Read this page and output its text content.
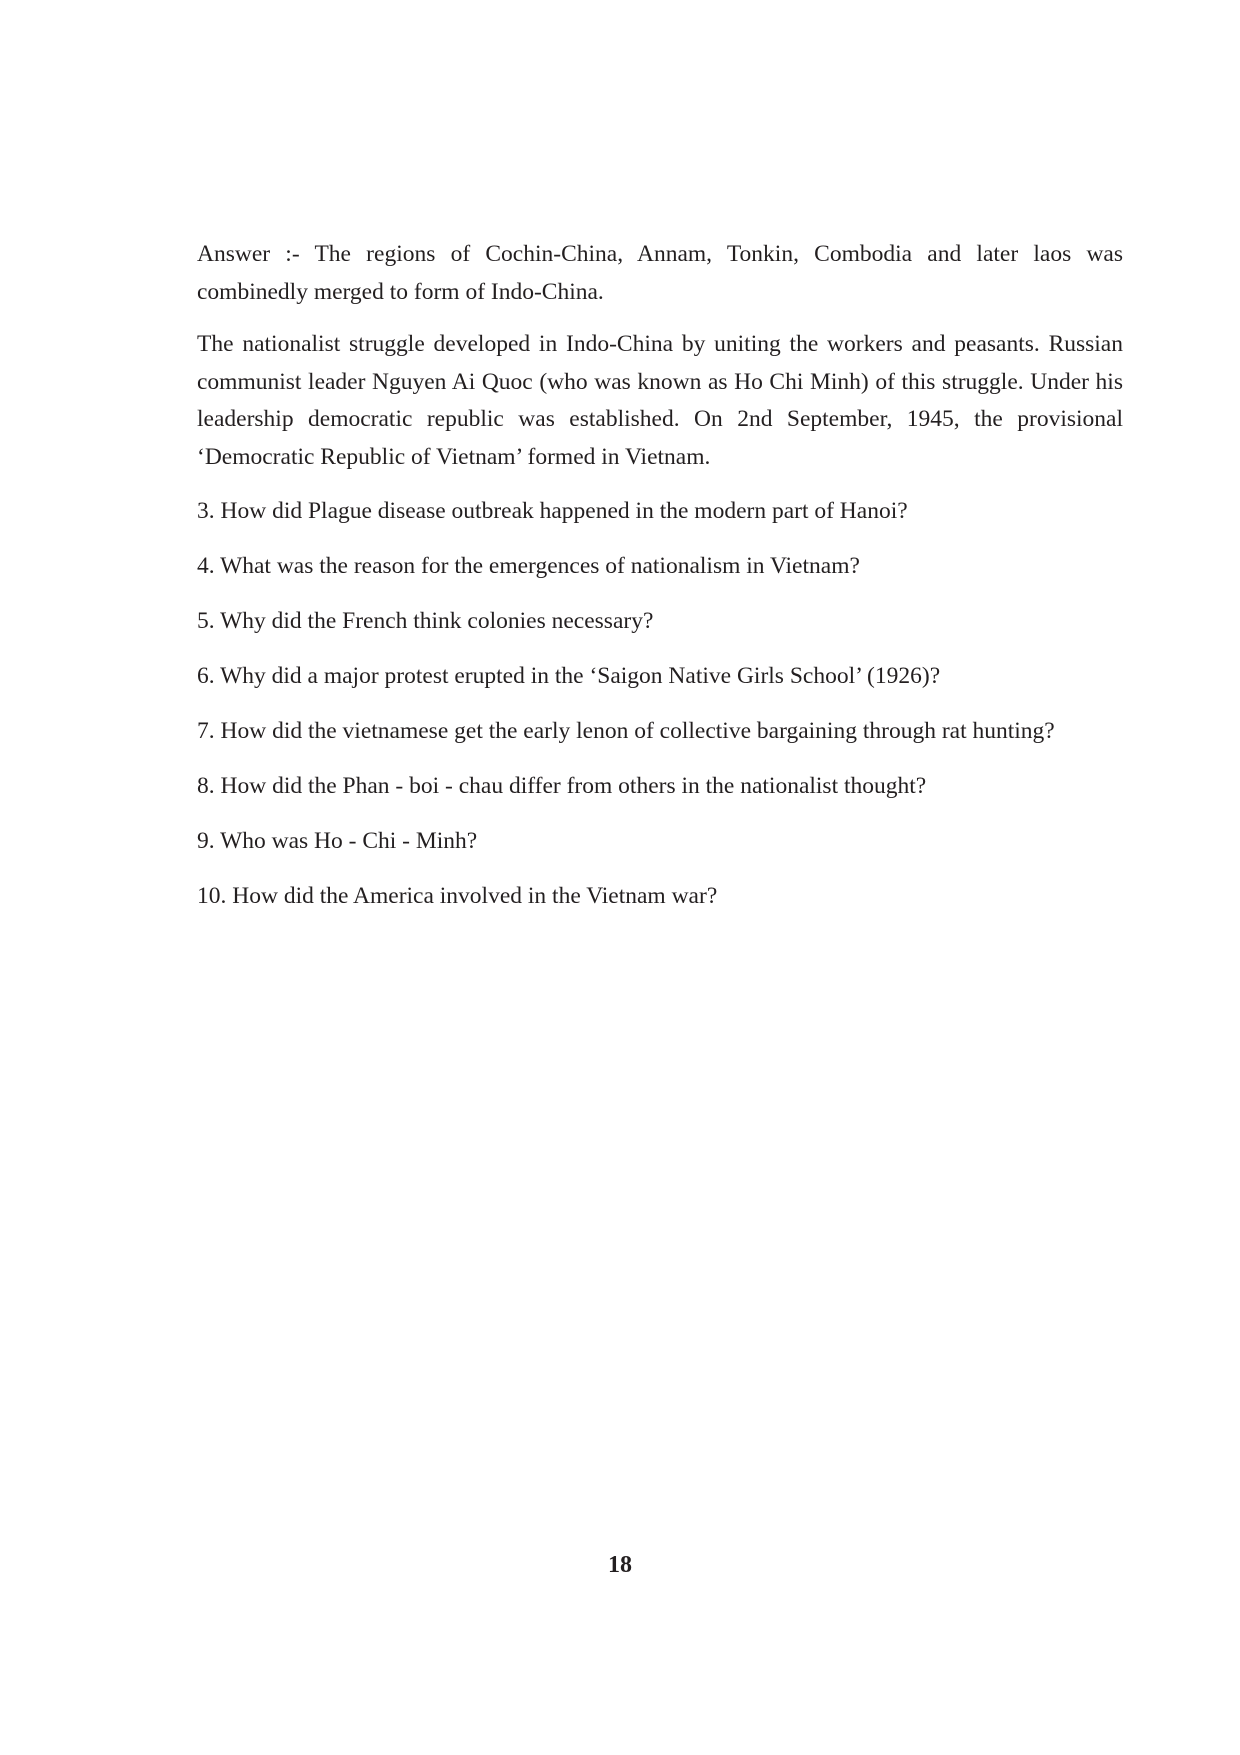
Answer :- The regions of Cochin-China, Annam, Tonkin, Combodia and later laos was combinedly merged to form of Indo-China.

The nationalist struggle developed in Indo-China by uniting the workers and peasants. Russian communist leader Nguyen Ai Quoc (who was known as Ho Chi Minh) of this struggle. Under his leadership democratic republic was established. On 2nd September, 1945, the provisional ‘Democratic Republic of Vietnam’ formed in Vietnam.

3. How did Plague disease outbreak happened in the modern part of Hanoi?

4. What was the reason for the emergences of nationalism in Vietnam?

5. Why did the French think colonies necessary?

6. Why did a major protest erupted in the ‘Saigon Native Girls School’ (1926)?

7. How did the vietnamese get the early lenon of collective bargaining through rat hunting?

8. How did the Phan - boi - chau differ from others in the nationalist thought?

9. Who was Ho - Chi - Minh?

10. How did the America involved in the Vietnam war?

18
